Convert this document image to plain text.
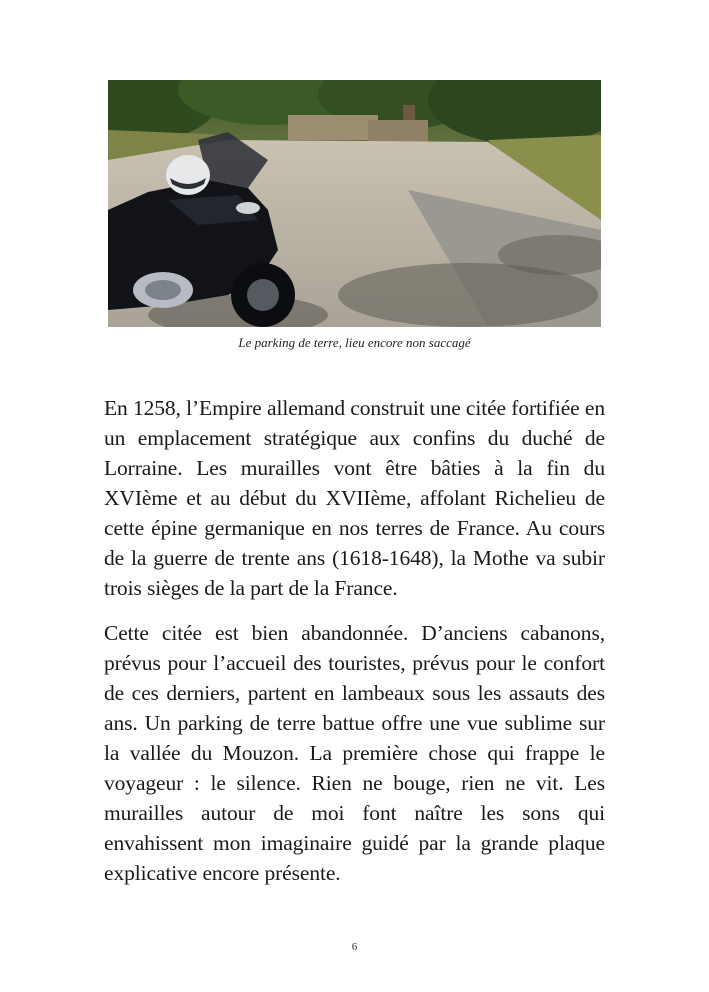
Le parking de terre, lieu encore non saccagé

En 1258, l’Empire allemand construit une citée fortifiée en un emplacement stratégique aux confins du duché de Lorraine. Les murailles vont être bâties à la fin du XVIème et au début du XVIIème, affolant Richelieu de cette épine germanique en nos terres de France. Au cours de la guerre de trente ans (1618-1648), la Mothe va subir trois sièges de la part de la France.

Cette citée est bien abandonnée. D’anciens cabanons, prévus pour l’accueil des touristes, prévus pour le confort de ces derniers, partent en lambeaux sous les assauts des ans. Un parking de terre battue offre une vue sublime sur la vallée du Mouzon. La première chose qui frappe le voyageur : le silence. Rien ne bouge, rien ne vit. Les murailles autour de moi font naître les sons qui envahissent mon imaginaire guidé par la grande plaque explicative encore présente.

6
